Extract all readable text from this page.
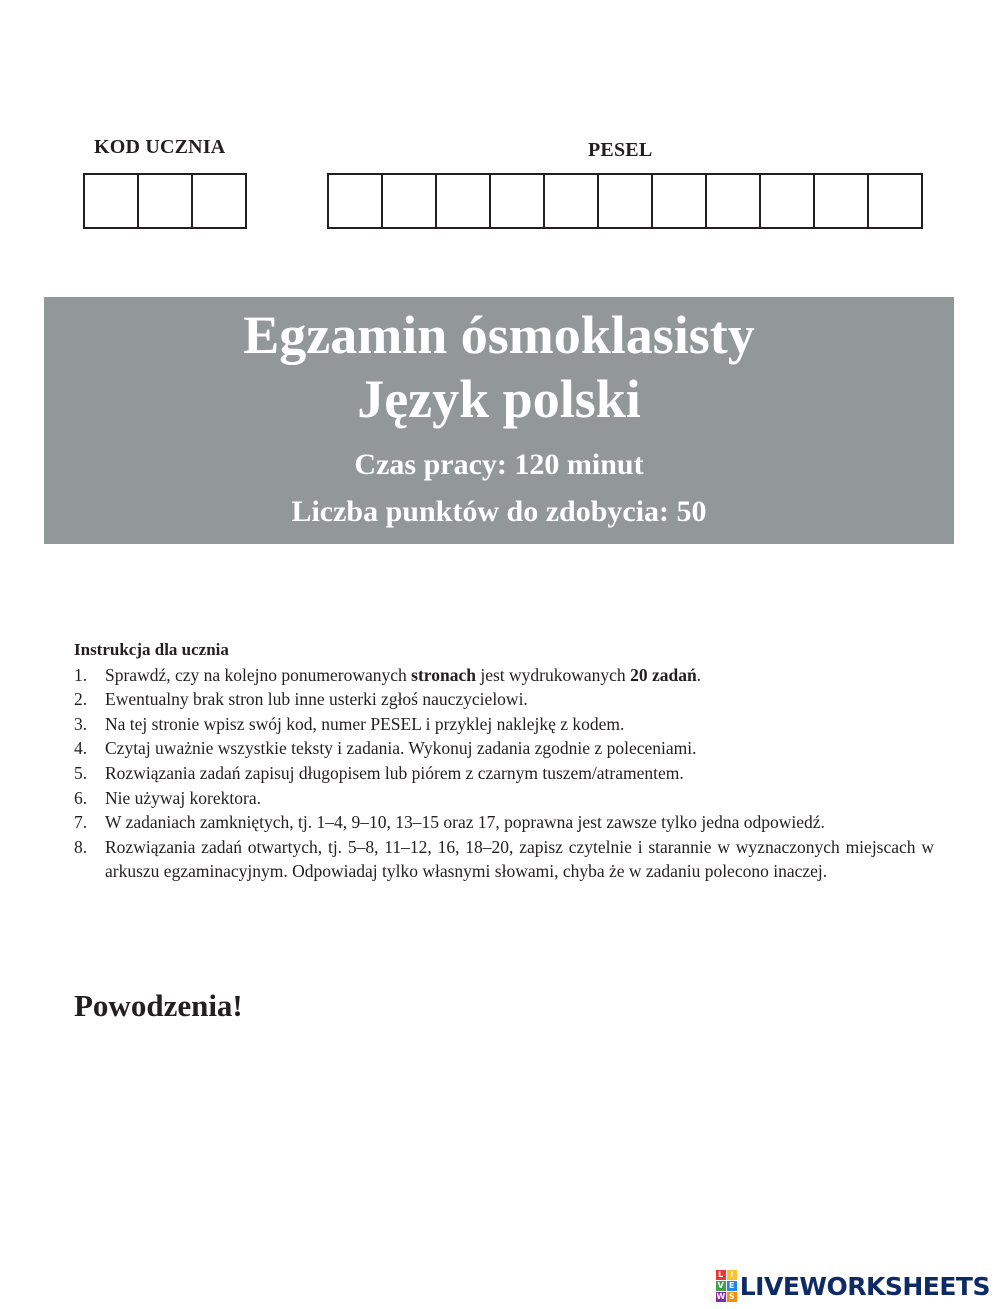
KOD UCZNIA	PESEL
Egzamin ósmoklasisty
Język polski
Czas pracy: 120 minut
Liczba punktów do zdobycia: 50
Instrukcja dla ucznia
1. Sprawdź, czy na kolejno ponumerowanych stronach jest wydrukowanych 20 zadań.
2. Ewentualny brak stron lub inne usterki zgłoś nauczycielowi.
3. Na tej stronie wpisz swój kod, numer PESEL i przyklej naklejkę z kodem.
4. Czytaj uważnie wszystkie teksty i zadania. Wykonuj zadania zgodnie z poleceniami.
5. Rozwiązania zadań zapisuj długopisem lub piórem z czarnym tuszem/atramentem.
6. Nie używaj korektora.
7. W zadaniach zamkniętych, tj. 1–4, 9–10, 13–15 oraz 17, poprawna jest zawsze tylko jedna odpowiedź.
8. Rozwiązania zadań otwartych, tj. 5–8, 11–12, 16, 18–20, zapisz czytelnie i starannie w wyznaczonych miejscach w arkuszu egzaminacyjnym. Odpowiadaj tylko własnymi słowami, chyba że w zadaniu polecono inaczej.
Powodzenia!
L I
V E
W S LIVEWORKSHEETS
